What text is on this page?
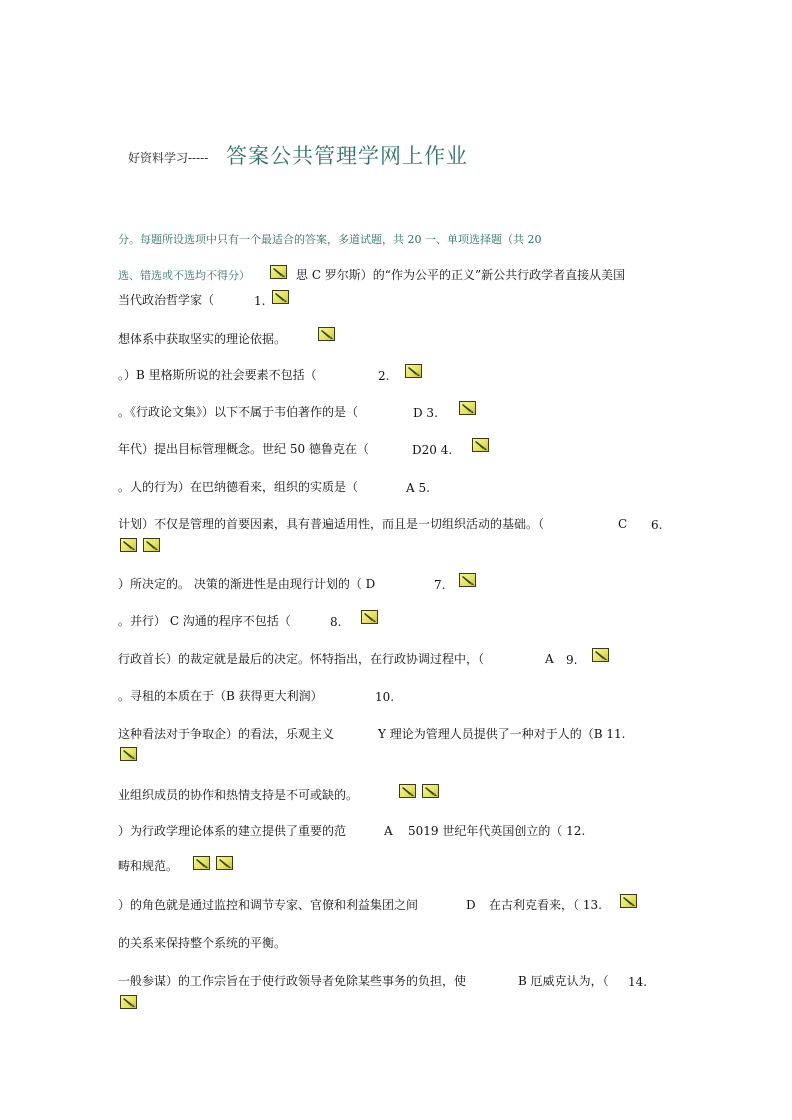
好资料学习----- 答案公共管理学网上作业
分。每题所设选项中只有一个最适合的答案，多道试题，共 20 一、单项选择题（共 20
选、错选或不选均不得分）	思 C 罗尔斯）的“作为公平的正义”新公共行政学者直接从美国
当代政治哲学家（	1.
想体系中获取坚实的理论依据。
。）B 里格斯所说的社会要素不包括（	2.
。《行政论文集》）以下不属于韦伯著作的是（	D 3.
年代）提出目标管理概念。世纪 50 德鲁克在（	D20 4.
。人的行为）在巴纳德看来，组织的实质是（	A 5.
计划）不仅是管理的首要因素，具有普遍适用性，而且是一切组织活动的基础。（	C 6.
）所决定的。 决策的渐进性是由现行计划的（ D	7.
。并行） C 沟通的程序不包括（	8.
行政首长）的裁定就是最后的决定。怀特指出，在行政协调过程中，（	A 9.
。寻租的本质在于（B 获得更大利润）	10.
这种看法对于争取企）的看法，乐观主义	Y 理论为管理人员提供了一种对于人的（B 11.
业组织成员的协作和热情支持是不可或缺的。
）为行政学理论体系的建立提供了重要的范	A 5019 世纪年代英国创立的（ 12.
畴和规范。
）的角色就是通过监控和调节专家、官僚和利益集团之间	D 在古利克看来，（ 13.
的关系来保持整个系统的平衡。
一般参谋）的工作宗旨在于使行政领导者免除某些事务的负担，使	B 厄威克认为，（ 14.
